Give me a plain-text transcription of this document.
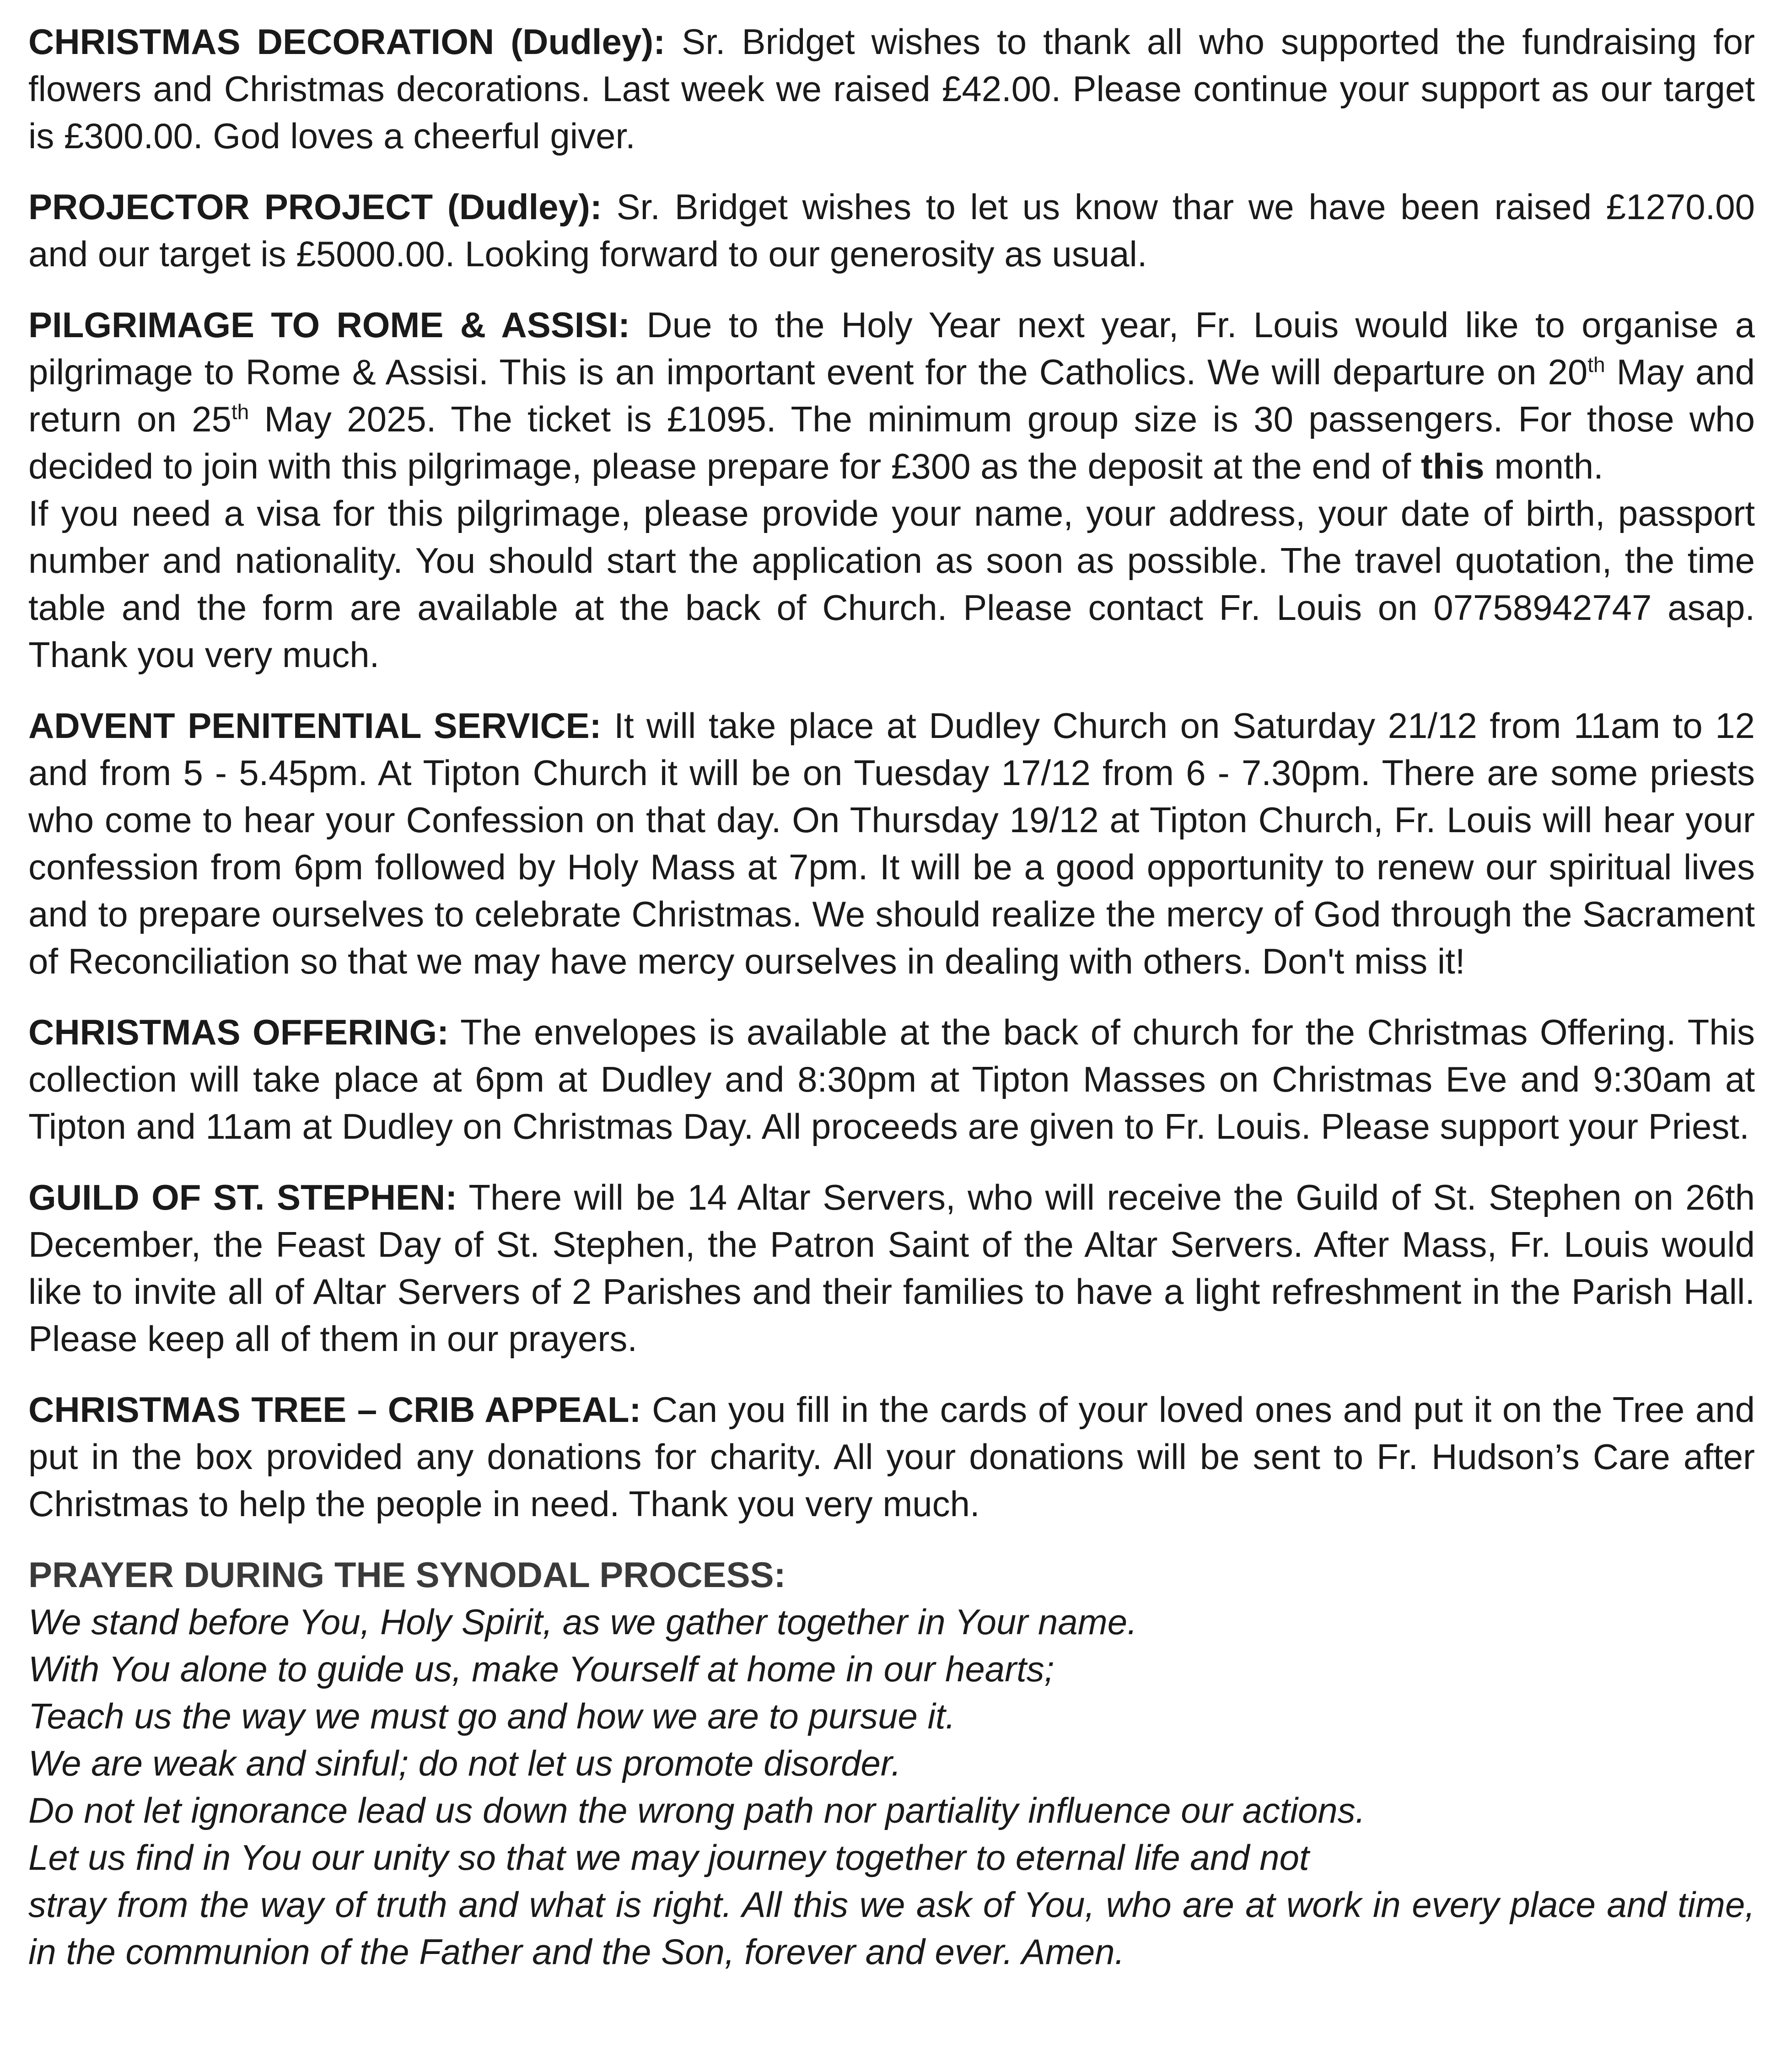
CHRISTMAS DECORATION (Dudley): Sr. Bridget wishes to thank all who supported the fundraising for flowers and Christmas decorations. Last week we raised £42.00. Please continue your support as our target is £300.00. God loves a cheerful giver.

PROJECTOR PROJECT (Dudley): Sr. Bridget wishes to let us know thar we have been raised £1270.00 and our target is £5000.00. Looking forward to our generosity as usual.

PILGRIMAGE TO ROME & ASSISI: Due to the Holy Year next year, Fr. Louis would like to organise a pilgrimage to Rome & Assisi. This is an important event for the Catholics. We will departure on 20th May and return on 25th May 2025. The ticket is £1095. The minimum group size is 30 passengers. For those who decided to join with this pilgrimage, please prepare for £300 as the deposit at the end of this month.
If you need a visa for this pilgrimage, please provide your name, your address, your date of birth, passport number and nationality. You should start the application as soon as possible. The travel quotation, the time table and the form are available at the back of Church. Please contact Fr. Louis on 07758942747 asap. Thank you very much.

ADVENT PENITENTIAL SERVICE: It will take place at Dudley Church on Saturday 21/12 from 11am to 12 and from 5 - 5.45pm. At Tipton Church it will be on Tuesday 17/12 from 6 - 7.30pm. There are some priests who come to hear your Confession on that day. On Thursday 19/12 at Tipton Church, Fr. Louis will hear your confession from 6pm followed by Holy Mass at 7pm. It will be a good opportunity to renew our spiritual lives and to prepare ourselves to celebrate Christmas. We should realize the mercy of God through the Sacrament of Reconciliation so that we may have mercy ourselves in dealing with others. Don't miss it!

CHRISTMAS OFFERING: The envelopes is available at the back of church for the Christmas Offering. This collection will take place at 6pm at Dudley and 8:30pm at Tipton Masses on Christmas Eve and 9:30am at Tipton and 11am at Dudley on Christmas Day. All proceeds are given to Fr. Louis. Please support your Priest.

GUILD OF ST. STEPHEN: There will be 14 Altar Servers, who will receive the Guild of St. Stephen on 26th December, the Feast Day of St. Stephen, the Patron Saint of the Altar Servers. After Mass, Fr. Louis would like to invite all of Altar Servers of 2 Parishes and their families to have a light refreshment in the Parish Hall. Please keep all of them in our prayers.

CHRISTMAS TREE – CRIB APPEAL: Can you fill in the cards of your loved ones and put it on the Tree and put in the box provided any donations for charity. All your donations will be sent to Fr. Hudson’s Care after Christmas to help the people in need. Thank you very much.

PRAYER DURING THE SYNODAL PROCESS:

We stand before You, Holy Spirit, as we gather together in Your name.

With You alone to guide us, make Yourself at home in our hearts;

Teach us the way we must go and how we are to pursue it.

We are weak and sinful; do not let us promote disorder.

Do not let ignorance lead us down the wrong path nor partiality influence our actions.

Let us find in You our unity so that we may journey together to eternal life and not

stray from the way of truth and what is right. All this we ask of You, who are at work in every place and time, in the communion of the Father and the Son, forever and ever. Amen.
